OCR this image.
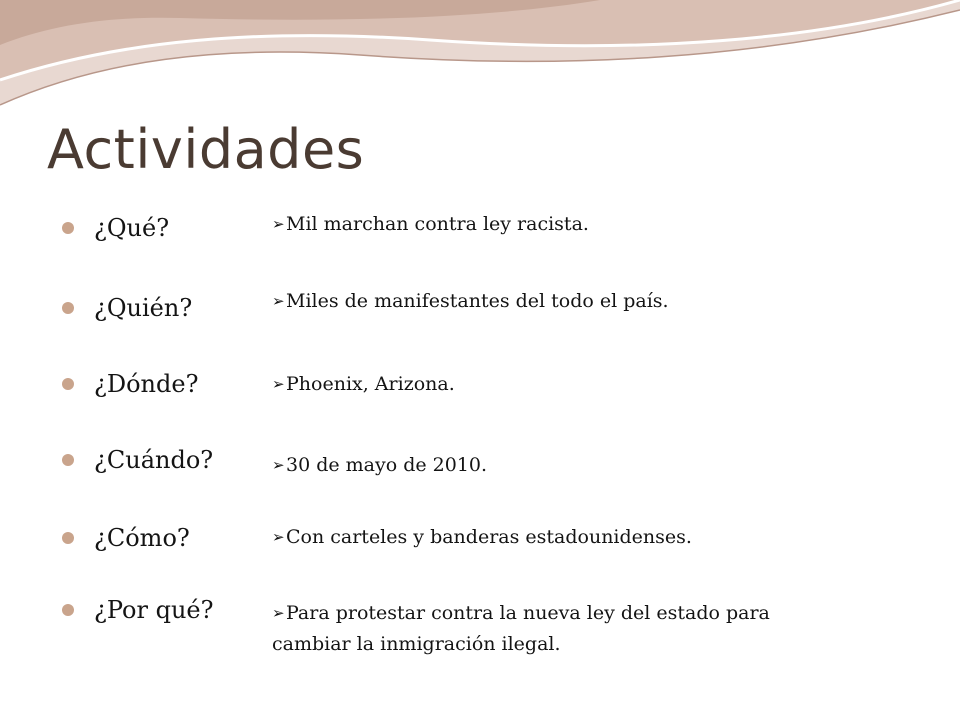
Actividades
¿Qué?
¿Quién?
¿Dónde?
¿Cuándo?
¿Cómo?
¿Por qué?
➢Mil marchan contra ley racista.
➢Miles de manifestantes del todo el país.
➢Phoenix, Arizona.
➢30 de mayo de 2010.
➢Con carteles y banderas estadounidenses.
➢Para protestar contra la nueva ley del estado para cambiar la inmigración ilegal.
